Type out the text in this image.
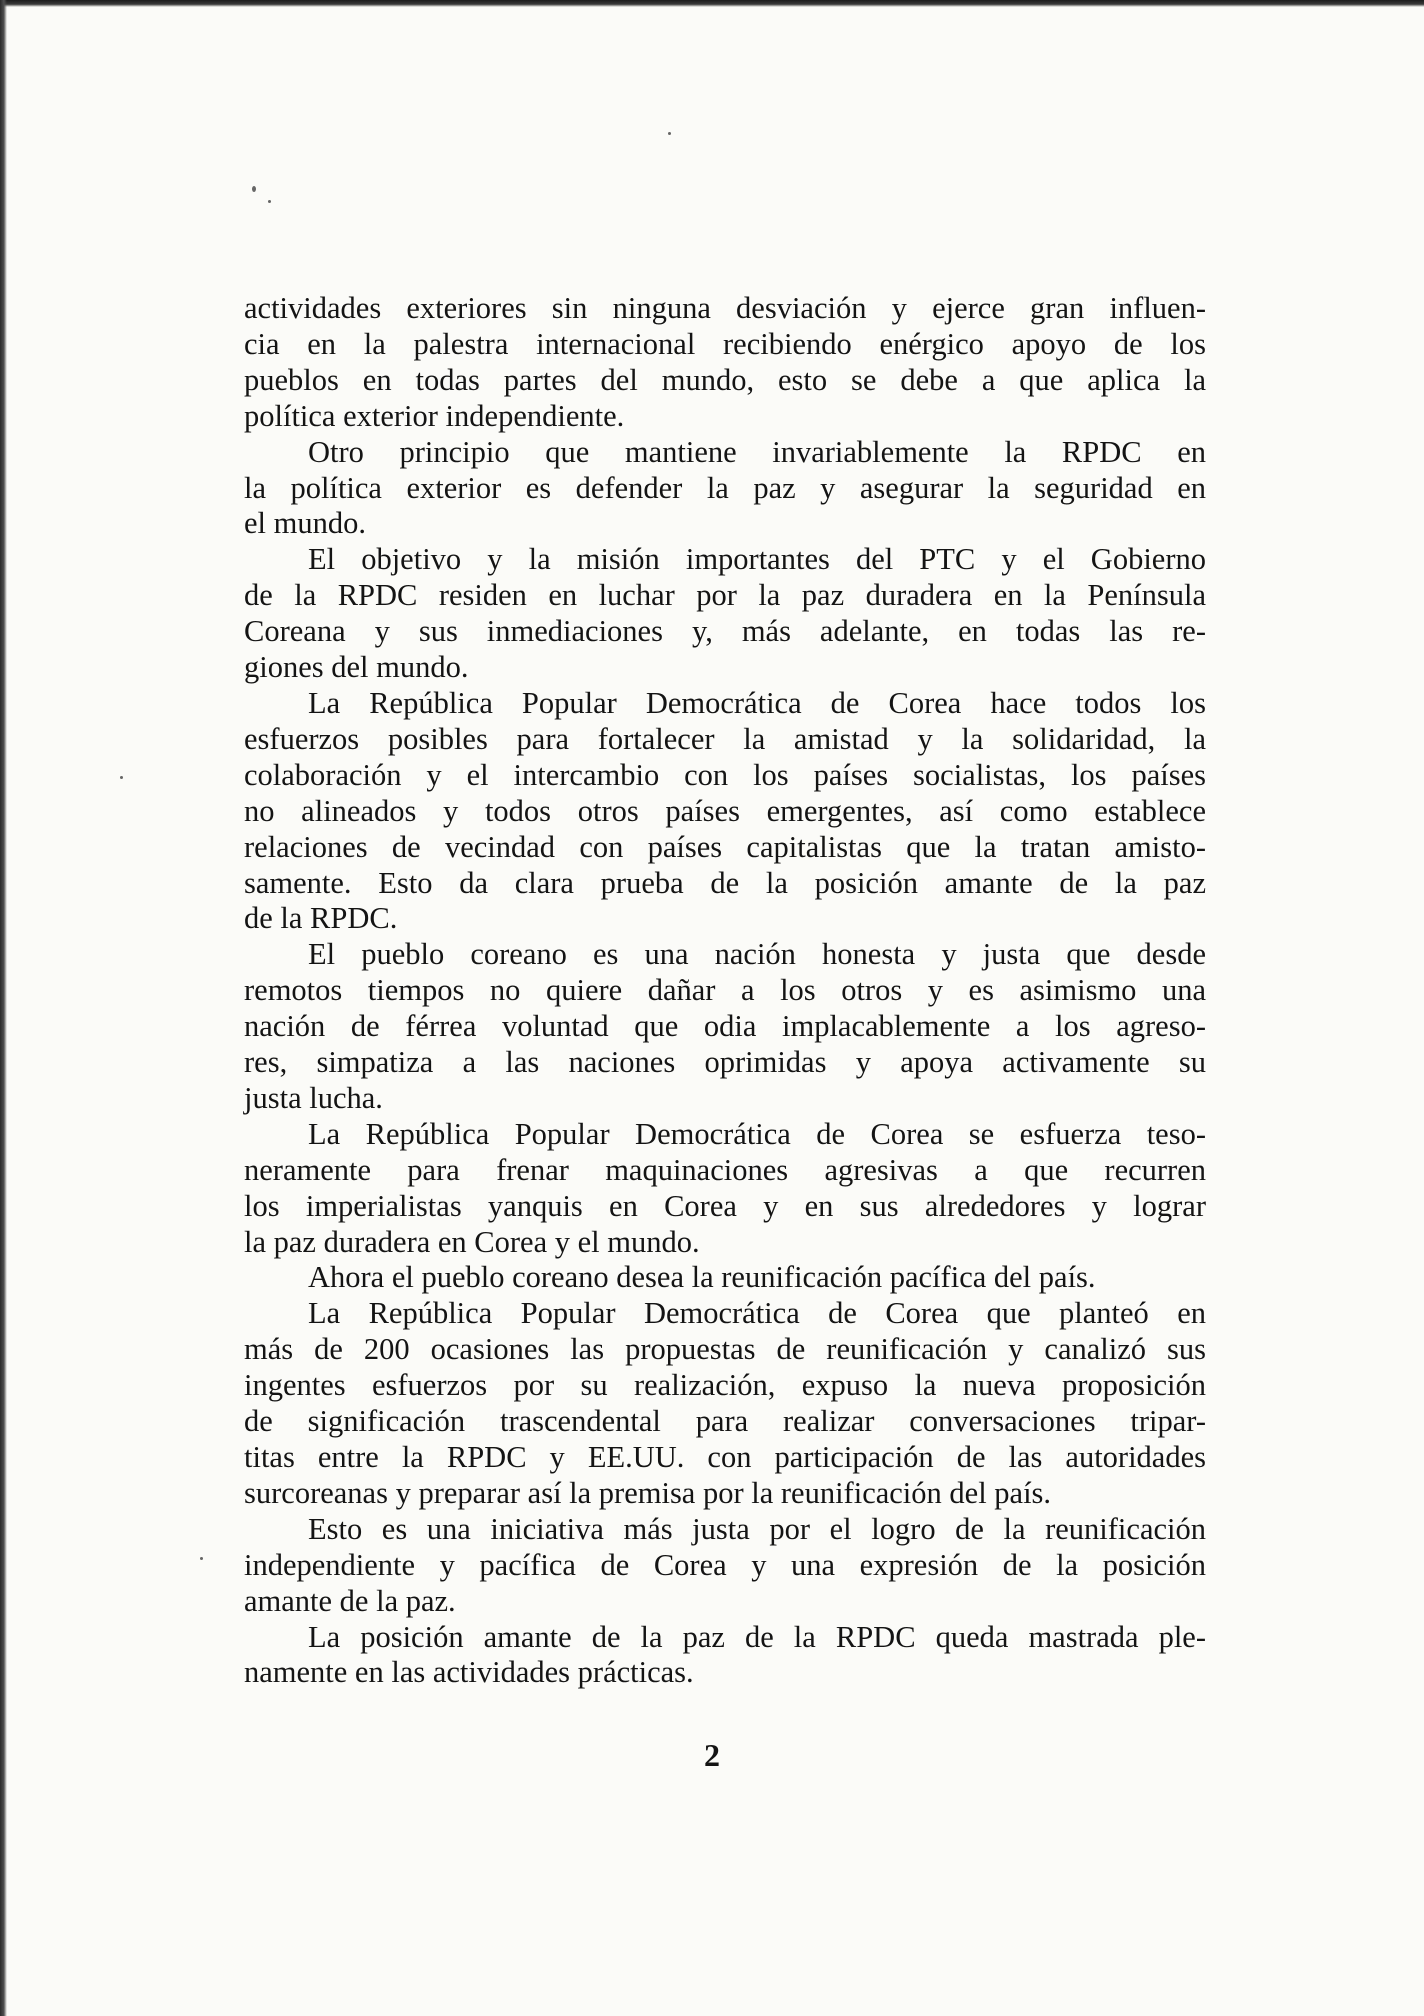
actividades exteriores sin ninguna desviación y ejerce gran influen-
cia en la palestra internacional recibiendo enérgico apoyo de los
pueblos en todas partes del mundo, esto se debe a que aplica la
política exterior independiente.
Otro principio que mantiene invariablemente la RPDC en
la política exterior es defender la paz y asegurar la seguridad en
el mundo.
El objetivo y la misión importantes del PTC y el Gobierno
de la RPDC residen en luchar por la paz duradera en la Península
Coreana y sus inmediaciones y, más adelante, en todas las re-
giones del mundo.
La República Popular Democrática de Corea hace todos los
esfuerzos posibles para fortalecer la amistad y la solidaridad, la
colaboración y el intercambio con los países socialistas, los países
no alineados y todos otros países emergentes, así como establece
relaciones de vecindad con países capitalistas que la tratan amisto-
samente. Esto da clara prueba de la posición amante de la paz
de la RPDC.
El pueblo coreano es una nación honesta y justa que desde
remotos tiempos no quiere dañar a los otros y es asimismo una
nación de férrea voluntad que odia implacablemente a los agreso-
res, simpatiza a las naciones oprimidas y apoya activamente su
justa lucha.
La República Popular Democrática de Corea se esfuerza teso-
neramente para frenar maquinaciones agresivas a que recurren
los imperialistas yanquis en Corea y en sus alrededores y lograr
la paz duradera en Corea y el mundo.
Ahora el pueblo coreano desea la reunificación pacífica del país.
La República Popular Democrática de Corea que planteó en
más de 200 ocasiones las propuestas de reunificación y canalizó sus
ingentes esfuerzos por su realización, expuso la nueva proposición
de significación trascendental para realizar conversaciones tripar-
titas entre la RPDC y EE.UU. con participación de las autoridades
surcoreanas y preparar así la premisa por la reunificación del país.
Esto es una iniciativa más justa por el logro de la reunificación
independiente y pacífica de Corea y una expresión de la posición
amante de la paz.
La posición amante de la paz de la RPDC queda mastrada ple-
namente en las actividades prácticas.
2
